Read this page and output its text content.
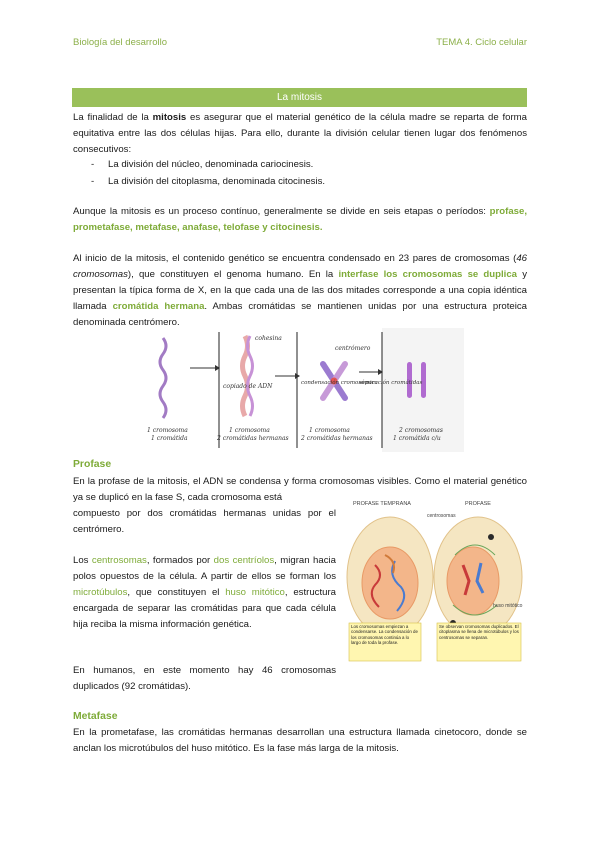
Biología del desarrollo	TEMA 4. Ciclo celular
La mitosis
La finalidad de la mitosis es asegurar que el material genético de la célula madre se reparta de forma equitativa entre las dos células hijas. Para ello, durante la división celular tienen lugar dos fenómenos consecutivos:
- La división del núcleo, denominada cariocinesis.
- La división del citoplasma, denominada citocinesis.
Aunque la mitosis es un proceso contínuo, generalmente se divide en seis etapas o períodos: profase, prometafase, metafase, anafase, telofase y citocinesis.
Al inicio de la mitosis, el contenido genético se encuentra condensado en 23 pares de cromosomas (46 cromosomas), que constituyen el genoma humano. En la interfase los cromosomas se duplica y presentan la típica forma de X, en la que cada una de las dos mitades corresponde a una copia idéntica llamada cromátida hermana. Ambas cromátidas se mantienen unidas por una estructura proteica denominada centrómero.
copiado de ADN
cohesina
centrómero
condensación cromosómica
separación cromátidas
1 cromosoma 1 cromátida
1 cromosoma 2 cromátidas hermanas
1 cromosoma 2 cromátidas hermanas
2 cromosomas 1 cromátida c/u
Profase
En la profase de la mitosis, el ADN se condensa y forma cromosomas visibles. Como el material genético ya se duplicó en la fase S, cada cromosoma está
compuesto por dos cromátidas hermanas unidas por el centrómero.
Los centrosomas, formados por dos centríolos, migran hacia polos opuestos de la célula. A partir de ellos se forman los microtúbulos, que constituyen el huso mitótico, estructura encargada de separar las cromátidas para que cada célula hija reciba la misma información genética.
En humanos, en este momento hay 46 cromosomas duplicados (92 cromátidas).
PROFASE TEMPRANA	PROFASE
centrosomas
huso mitótico
Los cromosomas empiezan a condensarse. La condensación de los cromosomas continúa a lo largo de toda la profase.
Se observan cromosomas duplicados. El citoplasma se llena de microtúbulos y los centrosomas se separan.
Metafase
En la prometafase, las cromátidas hermanas desarrollan una estructura llamada cinetocoro, donde se anclan los microtúbulos del huso mitótico. Es la fase más larga de la mitosis.
